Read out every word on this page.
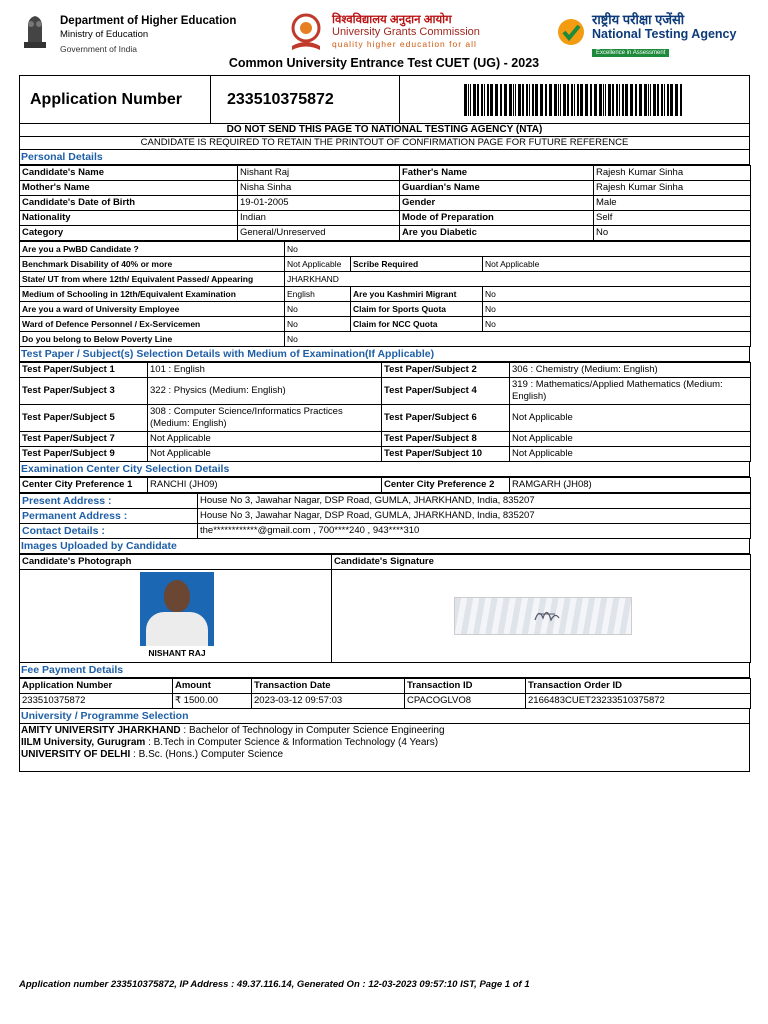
Department of Higher Education
Ministry of Education
Government of India
विश्वविद्यालय अनुदान आयोग
University Grants Commission
quality higher education for all
राष्ट्रीय परीक्षा एजेंसी
National Testing Agency
Excellence in Assessment
Common University Entrance Test CUET (UG) - 2023
Application Number	233510375872
DO NOT SEND THIS PAGE TO NATIONAL TESTING AGENCY (NTA)
CANDIDATE IS REQUIRED TO RETAIN THE PRINTOUT OF CONFIRMATION PAGE FOR FUTURE REFERENCE
Personal Details
Candidate's Name	Nishant Raj	Father's Name	Rajesh Kumar Sinha
Mother's Name	Nisha Sinha	Guardian's Name	Rajesh Kumar Sinha
Candidate's Date of Birth	19-01-2005	Gender	Male
Nationality	Indian	Mode of Preparation	Self
Category	General/Unreserved	Are you Diabetic	No
Are you a PwBD Candidate ?	No		
Benchmark Disability of 40% or more	Not Applicable	Scribe Required	Not Applicable
State/ UT from where 12th/ Equivalent Passed/ Appearing	JHARKHAND		
Medium of Schooling in 12th/Equivalent Examination	English	Are you Kashmiri Migrant	No
Are you a ward of University Employee	No	Claim for Sports Quota	No
Ward of Defence Personnel / Ex-Servicemen	No	Claim for NCC Quota	No
Do you belong to Below Poverty Line	No		
Test Paper / Subject(s) Selection Details with Medium of Examination(If Applicable)
Test Paper/Subject 1	101 : English	Test Paper/Subject 2	306 : Chemistry (Medium: English)
Test Paper/Subject 3	322 : Physics (Medium: English)	Test Paper/Subject 4	319 : Mathematics/Applied Mathematics (Medium: English)
Test Paper/Subject 5	308 : Computer Science/Informatics Practices (Medium: English)	Test Paper/Subject 6	Not Applicable
Test Paper/Subject 7	Not Applicable	Test Paper/Subject 8	Not Applicable
Test Paper/Subject 9	Not Applicable	Test Paper/Subject 10	Not Applicable
Examination Center City Selection Details
Center City Preference 1	RANCHI (JH09)	Center City Preference 2	RAMGARH (JH08)
Present Address :	House No 3, Jawahar Nagar, DSP Road, GUMLA, JHARKHAND, India, 835207
Permanent Address :	House No 3, Jawahar Nagar, DSP Road, GUMLA, JHARKHAND, India, 835207
Contact Details :	the************@gmail.com , 700****240 , 943****310
Images Uploaded by Candidate
Candidate's Photograph	Candidate's Signature

NISHANT RAJ

Fee Payment Details
Application Number	Amount	Transaction Date	Transaction ID	Transaction Order ID
233510375872	₹ 1500.00	2023-03-12 09:57:03	CPACOGLVO8	2166483CUET23233510375872
University / Programme Selection
AMITY UNIVERSITY JHARKHAND : Bachelor of Technology in Computer Science Engineering
IILM University, Gurugram : B.Tech in Computer Science & Information Technology (4 Years)
UNIVERSITY OF DELHI : B.Sc. (Hons.) Computer Science
Application number 233510375872, IP Address : 49.37.116.14, Generated On : 12-03-2023 09:57:10 IST, Page 1 of 1
